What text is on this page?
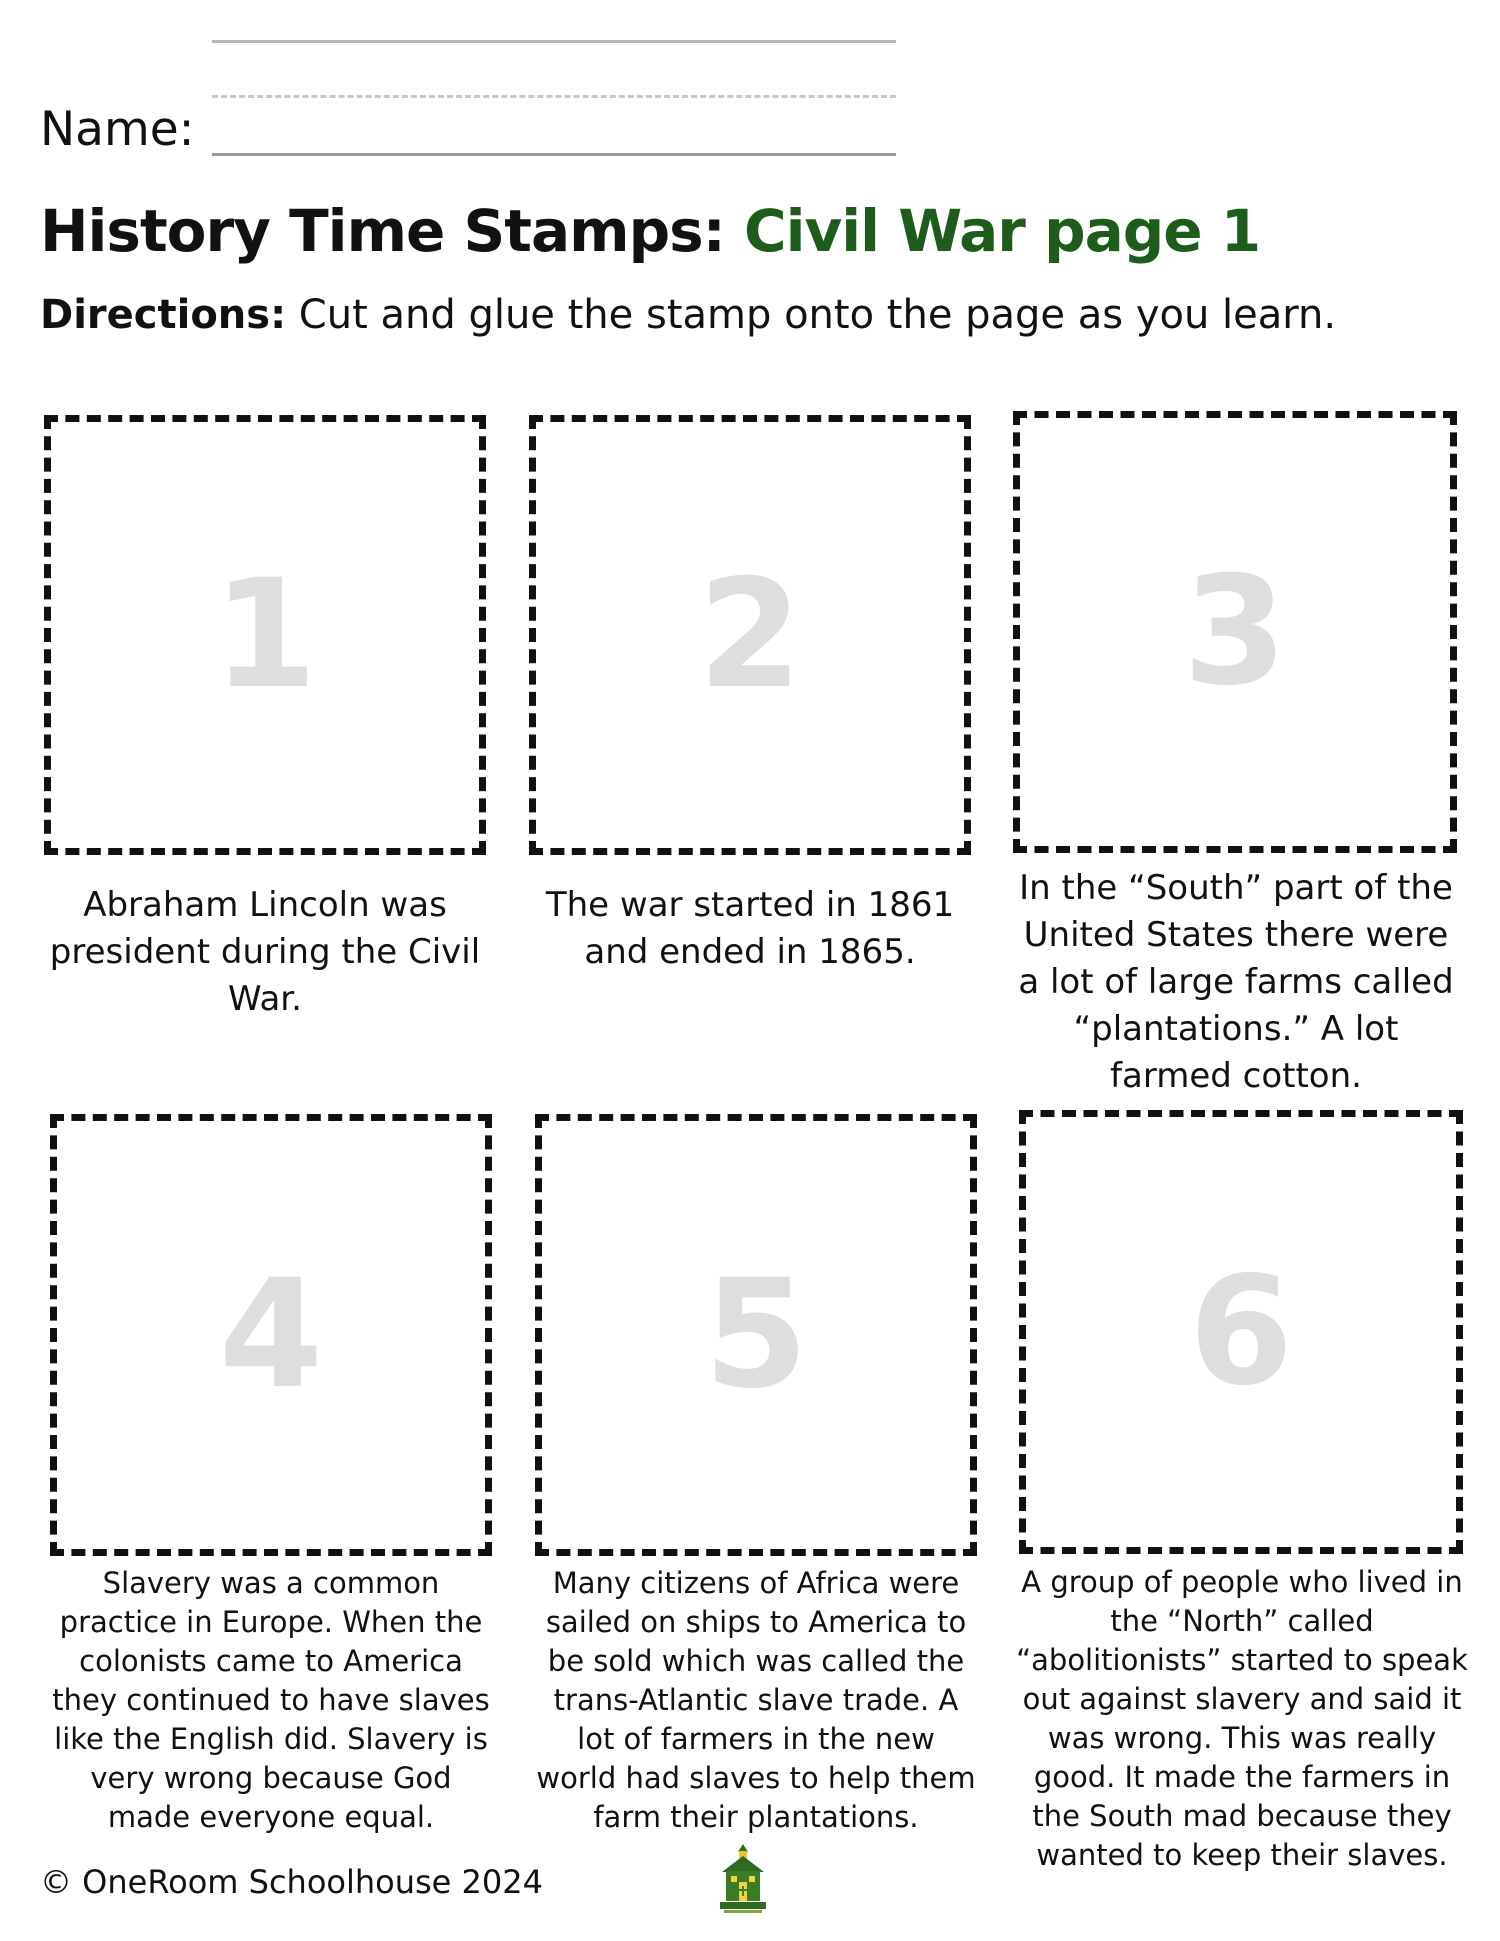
Name:
History Time Stamps: Civil War page 1
Directions: Cut and glue the stamp onto the page as you learn.
1
Abraham Lincoln was president during the Civil War.
2
The war started in 1861 and ended in 1865.
3
In the “South” part of the United States there were a lot of large farms called “plantations.” A lot farmed cotton.
4
Slavery was a common practice in Europe. When the colonists came to America they continued to have slaves like the English did. Slavery is very wrong because God made everyone equal.
5
Many citizens of Africa were sailed on ships to America to be sold which was called the trans-Atlantic slave trade. A lot of farmers in the new world had slaves to help them farm their plantations.
6
A group of people who lived in the “North” called “abolitionists” started to speak out against slavery and said it was wrong. This was really good. It made the farmers in the South mad because they wanted to keep their slaves.
© OneRoom Schoolhouse 2024
